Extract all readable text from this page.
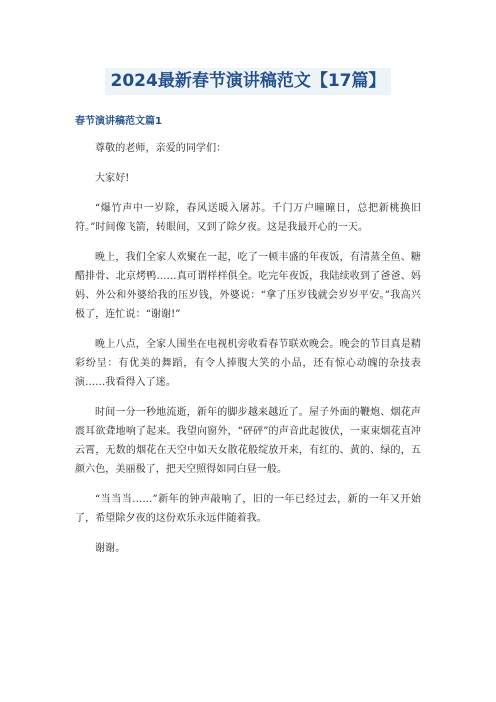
2024最新春节演讲稿范文【17篇】
春节演讲稿范文篇1

尊敬的老师，亲爱的同学们：

大家好!

“爆竹声中一岁除，春风送暖入屠苏。千门万户曈曈日，总把新桃换旧符。”时间像飞箭，转眼间，又到了除夕夜。这是我最开心的一天。

晚上，我们全家人欢聚在一起，吃了一顿丰盛的年夜饭，有清蒸全鱼、糖醋排骨、北京烤鸭……真可谓样样俱全。吃完年夜饭，我陆续收到了爸爸、妈妈、外公和外婆给我的压岁钱，外婆说：“拿了压岁钱就会岁岁平安。”我高兴极了，连忙说：“谢谢!”

晚上八点，全家人围坐在电视机旁收看春节联欢晚会。晚会的节目真是精彩纷呈：有优美的舞蹈，有令人捧腹大笑的小品，还有惊心动魄的杂技表演……我看得入了迷。

时间一分一秒地流逝，新年的脚步越来越近了。屋子外面的鞭炮、烟花声震耳欲聋地响了起来。我望向窗外，“砰砰”的声音此起彼伏，一束束烟花直冲云霄，无数的烟花在天空中如天女散花般绽放开来，有红的、黄的、绿的，五颜六色，美丽极了，把天空照得如同白昼一般。

“当当当……”新年的钟声敲响了，旧的一年已经过去，新的一年又开始了，希望除夕夜的这份欢乐永远伴随着我。

谢谢。
